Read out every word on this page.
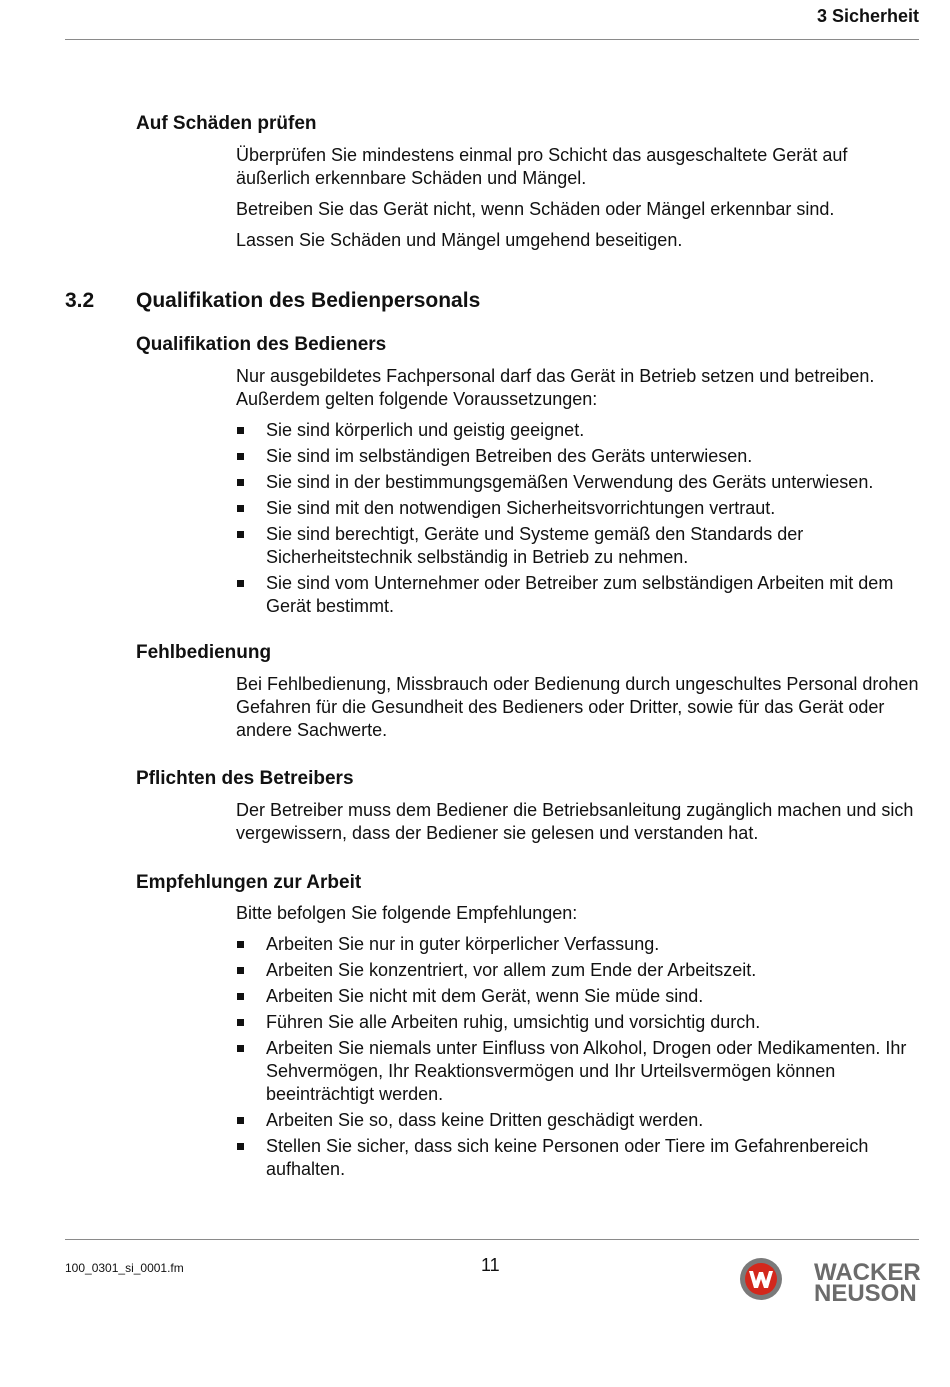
3 Sicherheit
Auf Schäden prüfen

Überprüfen Sie mindestens einmal pro Schicht das ausgeschaltete Gerät auf äußerlich erkennbare Schäden und Mängel.

Betreiben Sie das Gerät nicht, wenn Schäden oder Mängel erkennbar sind.

Lassen Sie Schäden und Mängel umgehend beseitigen.

3.2 Qualifikation des Bedienpersonals
Qualifikation des Bedieners

Nur ausgebildetes Fachpersonal darf das Gerät in Betrieb setzen und betreiben. Außerdem gelten folgende Voraussetzungen:

Sie sind körperlich und geistig geeignet.
Sie sind im selbständigen Betreiben des Geräts unterwiesen.
Sie sind in der bestimmungsgemäßen Verwendung des Geräts unterwiesen.
Sie sind mit den notwendigen Sicherheitsvorrichtungen vertraut.
Sie sind berechtigt, Geräte und Systeme gemäß den Standards der Sicherheitstechnik selbständig in Betrieb zu nehmen.
Sie sind vom Unternehmer oder Betreiber zum selbständigen Arbeiten mit dem Gerät bestimmt.
Fehlbedienung

Bei Fehlbedienung, Missbrauch oder Bedienung durch ungeschultes Personal drohen Gefahren für die Gesundheit des Bedieners oder Dritter, sowie für das Gerät oder andere Sachwerte.

Pflichten des Betreibers

Der Betreiber muss dem Bediener die Betriebsanleitung zugänglich machen und sich vergewissern, dass der Bediener sie gelesen und verstanden hat.

Empfehlungen zur Arbeit

Bitte befolgen Sie folgende Empfehlungen:

Arbeiten Sie nur in guter körperlicher Verfassung.
Arbeiten Sie konzentriert, vor allem zum Ende der Arbeitszeit.
Arbeiten Sie nicht mit dem Gerät, wenn Sie müde sind.
Führen Sie alle Arbeiten ruhig, umsichtig und vorsichtig durch.
Arbeiten Sie niemals unter Einfluss von Alkohol, Drogen oder Medikamenten. Ihr Sehvermögen, Ihr Reaktionsvermögen und Ihr Urteilsvermögen können beeinträchtigt werden.
Arbeiten Sie so, dass keine Dritten geschädigt werden.
Stellen Sie sicher, dass sich keine Personen oder Tiere im Gefahrenbereich aufhalten.
100_0301_si_0001.fm	11	WACKER
NEUSON
